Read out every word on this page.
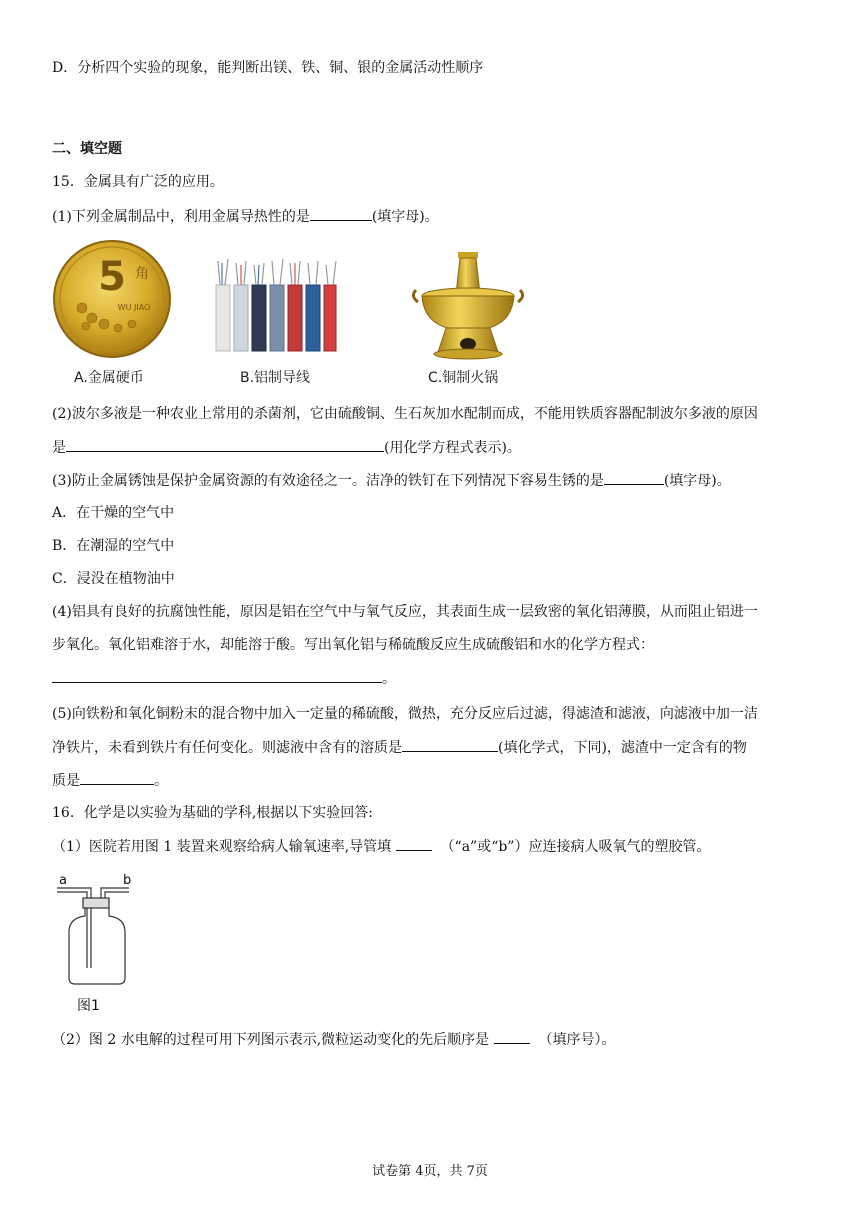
D．分析四个实验的现象，能判断出镁、铁、铜、银的金属活动性顺序
二、填空题
15．金属具有广泛的应用。
(1)下列金属制品中，利用金属导热性的是	(填字母)。
5 角
WU JIAO
A.金属硬币	B.铝制导线	C.铜制火锅
(2)波尔多液是一种农业上常用的杀菌剂，它由硫酸铜、生石灰加水配制而成，不能用铁质容器配制波尔多液的原因
是	(用化学方程式表示)。
(3)防止金属锈蚀是保护金属资源的有效途径之一。洁净的铁钉在下列情况下容易生锈的是	(填字母)。
A．在干燥的空气中
B．在潮湿的空气中
C．浸没在植物油中
(4)铝具有良好的抗腐蚀性能，原因是铝在空气中与氧气反应，其表面生成一层致密的氧化铝薄膜，从而阻止铝进一
步氧化。氧化铝难溶于水，却能溶于酸。写出氧化铝与稀硫酸反应生成硫酸铝和水的化学方程式：
。
(5)向铁粉和氧化铜粉末的混合物中加入一定量的稀硫酸，微热，充分反应后过滤，得滤渣和滤液，向滤液中加一洁
净铁片，未看到铁片有任何变化。则滤液中含有的溶质是	(填化学式，下同)，滤渣中一定含有的物
质是	。
16．化学是以实验为基础的学科,根据以下实验回答:
（1）医院若用图 1 装置来观察给病人输氧速率,导管填	（“a”或“b”）应连接病人吸氧气的塑胶管。
a	b
图1
（2）图 2 水电解的过程可用下列图示表示,微粒运动变化的先后顺序是	（填序号）。
试卷第 4页，共 7页
